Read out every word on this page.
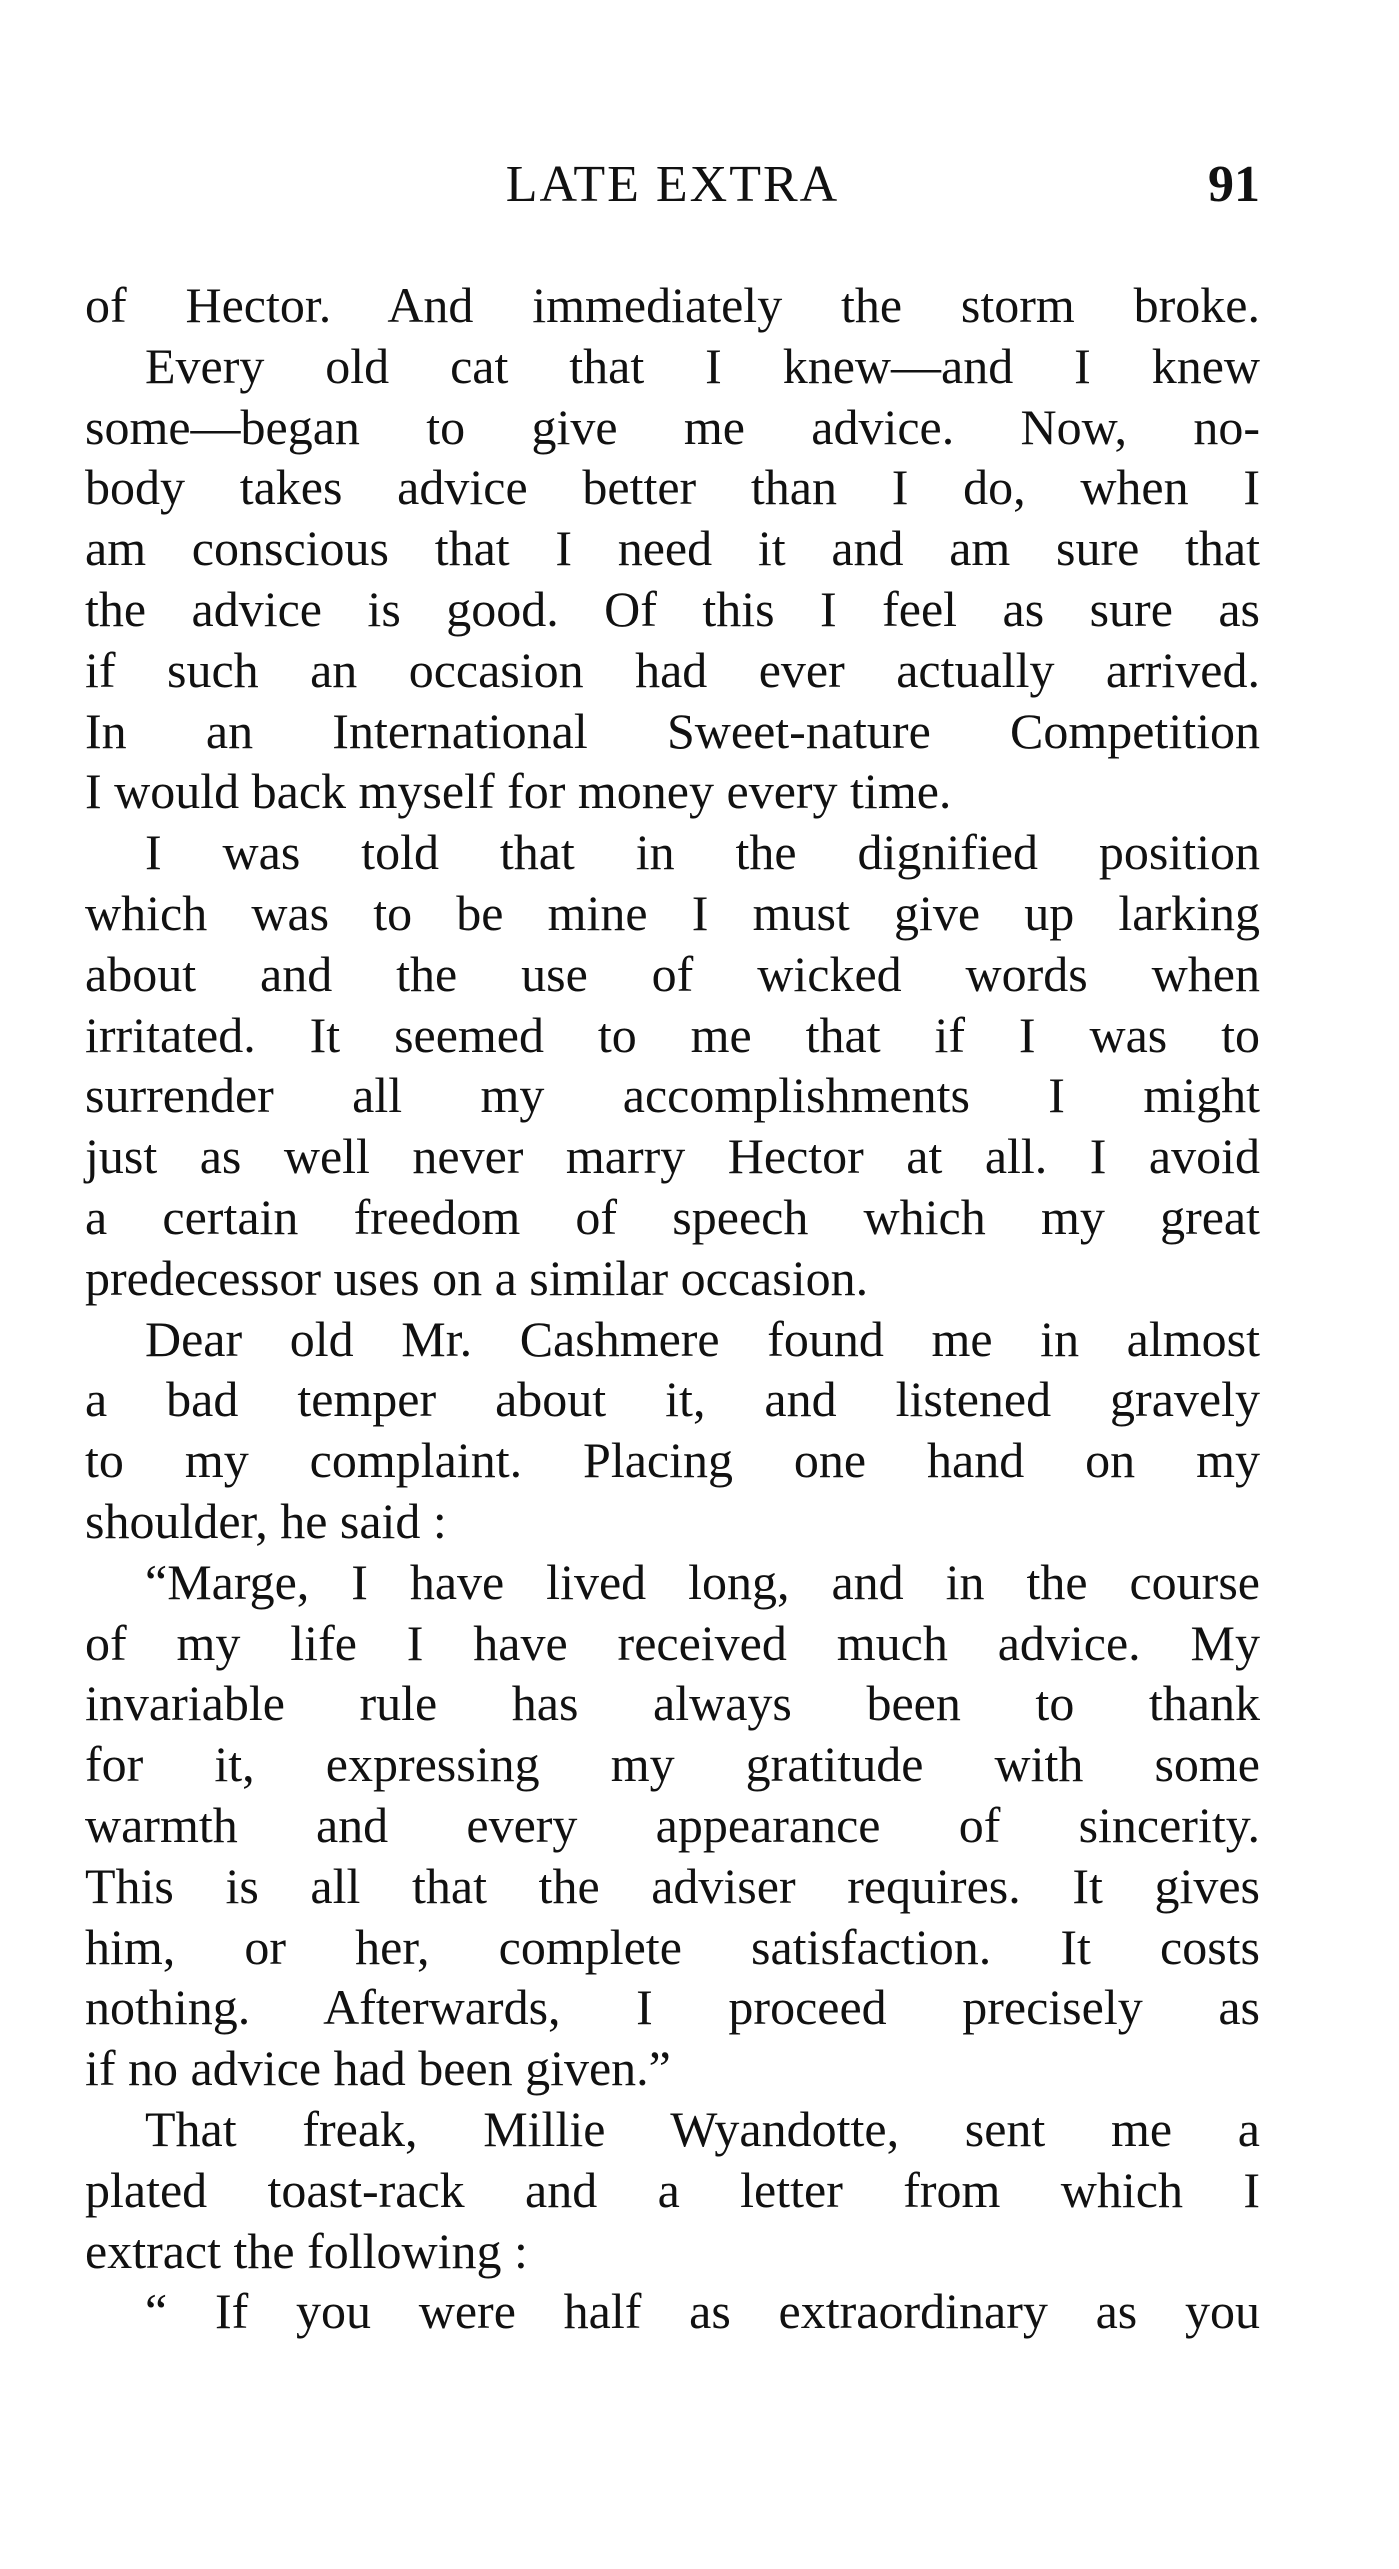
LATE EXTRA	91
of Hector. And immediately the storm broke.
Every old cat that I knew—and I knew
some—began to give me advice. Now, no-
body takes advice better than I do, when I
am conscious that I need it and am sure that
the advice is good. Of this I feel as sure as
if such an occasion had ever actually arrived.
In an International Sweet-nature Competition
I would back myself for money every time.
I was told that in the dignified position
which was to be mine I must give up larking
about and the use of wicked words when
irritated. It seemed to me that if I was to
surrender all my accomplishments I might
just as well never marry Hector at all. I avoid
a certain freedom of speech which my great
predecessor uses on a similar occasion.
Dear old Mr. Cashmere found me in almost
a bad temper about it, and listened gravely
to my complaint. Placing one hand on my
shoulder, he said :
“Marge, I have lived long, and in the course
of my life I have received much advice. My
invariable rule has always been to thank
for it, expressing my gratitude with some
warmth and every appearance of sincerity.
This is all that the adviser requires. It gives
him, or her, complete satisfaction. It costs
nothing. Afterwards, I proceed precisely as
if no advice had been given.”
That freak, Millie Wyandotte, sent me a
plated toast-rack and a letter from which I
extract the following :
“ If you were half as extraordinary as you
